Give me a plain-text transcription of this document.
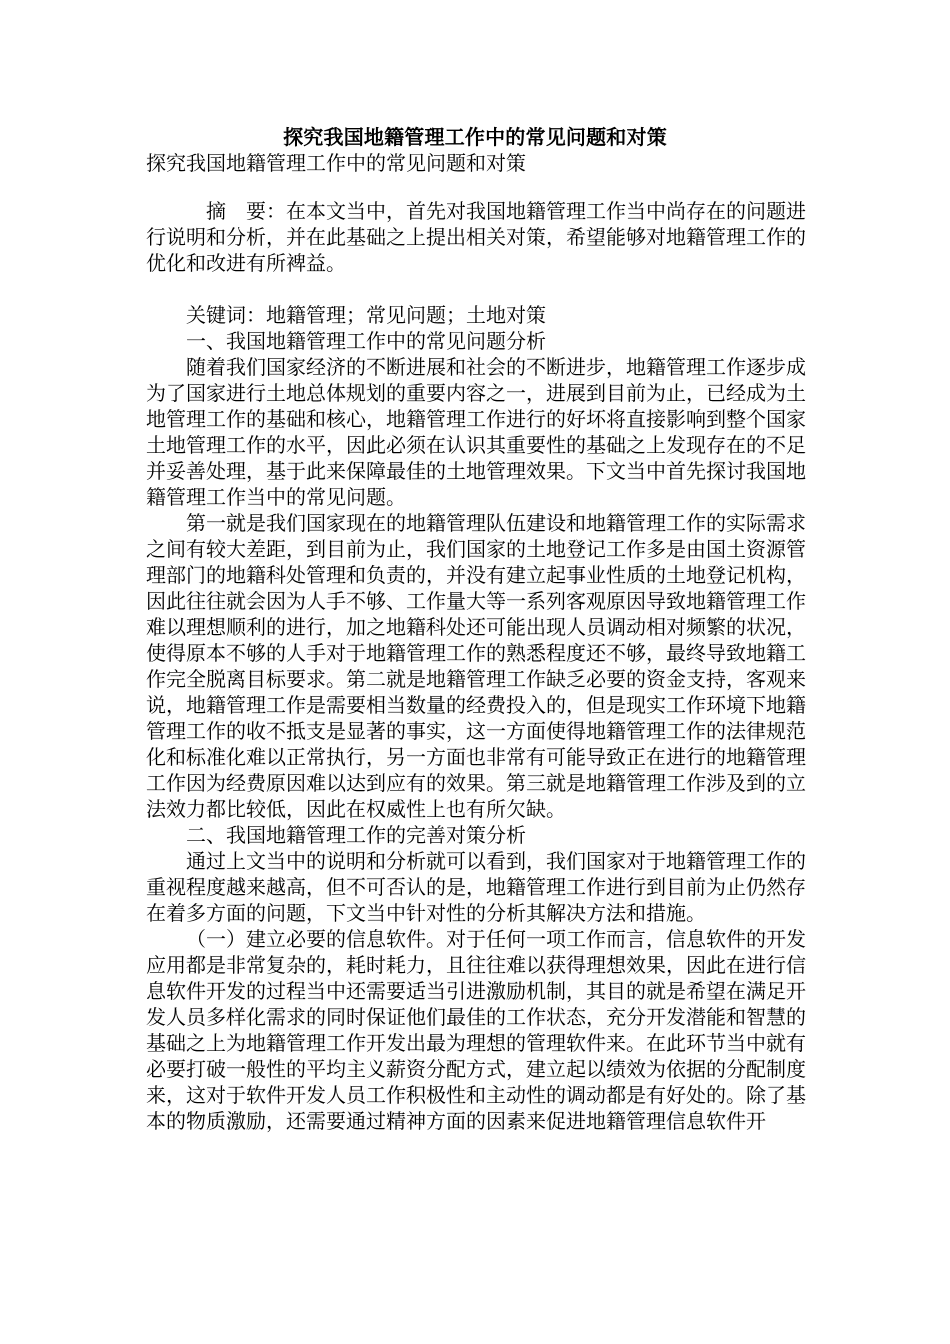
探究我国地籍管理工作中的常见问题和对策

探究我国地籍管理工作中的常见问题和对策

摘　要：在本文当中，首先对我国地籍管理工作当中尚存在的问题进行说明和分析，并在此基础之上提出相关对策，希望能够对地籍管理工作的优化和改进有所裨益。

关键词：地籍管理；常见问题；土地对策

一、我国地籍管理工作中的常见问题分析

随着我们国家经济的不断进展和社会的不断进步，地籍管理工作逐步成为了国家进行土地总体规划的重要内容之一，进展到目前为止，已经成为土地管理工作的基础和核心，地籍管理工作进行的好坏将直接影响到整个国家土地管理工作的水平，因此必须在认识其重要性的基础之上发现存在的不足并妥善处理，基于此来保障最佳的土地管理效果。下文当中首先探讨我国地籍管理工作当中的常见问题。

第一就是我们国家现在的地籍管理队伍建设和地籍管理工作的实际需求之间有较大差距，到目前为止，我们国家的土地登记工作多是由国土资源管理部门的地籍科处管理和负责的，并没有建立起事业性质的土地登记机构，因此往往就会因为人手不够、工作量大等一系列客观原因导致地籍管理工作难以理想顺利的进行，加之地籍科处还可能出现人员调动相对频繁的状况，使得原本不够的人手对于地籍管理工作的熟悉程度还不够，最终导致地籍工作完全脱离目标要求。第二就是地籍管理工作缺乏必要的资金支持，客观来说，地籍管理工作是需要相当数量的经费投入的，但是现实工作环境下地籍管理工作的收不抵支是显著的事实，这一方面使得地籍管理工作的法律规范化和标准化难以正常执行，另一方面也非常有可能导致正在进行的地籍管理工作因为经费原因难以达到应有的效果。第三就是地籍管理工作涉及到的立法效力都比较低，因此在权威性上也有所欠缺。

二、我国地籍管理工作的完善对策分析

通过上文当中的说明和分析就可以看到，我们国家对于地籍管理工作的重视程度越来越高，但不可否认的是，地籍管理工作进行到目前为止仍然存在着多方面的问题，下文当中针对性的分析其解决方法和措施。

（一）建立必要的信息软件。对于任何一项工作而言，信息软件的开发应用都是非常复杂的，耗时耗力，且往往难以获得理想效果，因此在进行信息软件开发的过程当中还需要适当引进激励机制，其目的就是希望在满足开发人员多样化需求的同时保证他们最佳的工作状态，充分开发潜能和智慧的基础之上为地籍管理工作开发出最为理想的管理软件来。在此环节当中就有必要打破一般性的平均主义薪资分配方式，建立起以绩效为依据的分配制度来，这对于软件开发人员工作积极性和主动性的调动都是有好处的。除了基本的物质激励，还需要通过精神方面的因素来促进地籍管理信息软件开
